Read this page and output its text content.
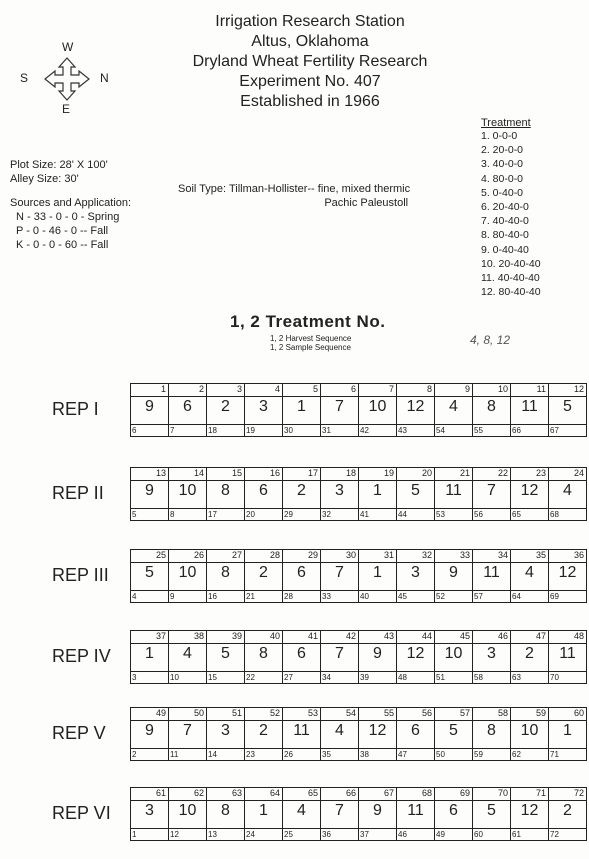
Irrigation Research Station
Altus, Oklahoma
Dryland Wheat Fertility Research
Experiment No. 407
Established in 1966
W
S	N
E
Plot Size: 28' X 100'
Alley Size: 30'
Sources and Application:
N - 33 - 0 - 0 - Spring
P - 0 - 46 - 0 -- Fall
K - 0 - 0 - 60 -- Fall
Soil Type: Tillman-Hollister-- fine, mixed thermic
Pachic Paleustoll
Treatment
1. 0-0-0
2. 20-0-0
3. 40-0-0
4. 80-0-0
5. 0-40-0
6. 20-40-0
7. 40-40-0
8. 80-40-0
9. 0-40-40
10. 20-40-40
11. 40-40-40
12. 80-40-40
1, 2 Treatment No.
1, 2 Harvest Sequence
1, 2 Sample Sequence
4, 8, 12
REP I
1
9
6
2
6
7
3
2
18
4
3
19
5
1
30
6
7
31
7
10
42
8
12
43
9
4
54
10
8
55
11
11
66
12
5
67
REP II
13
9
5
14
10
8
15
8
17
16
6
20
17
2
29
18
3
32
19
1
41
20
5
44
21
11
53
22
7
56
23
12
65
24
4
68
REP III
25
5
4
26
10
9
27
8
16
28
2
21
29
6
28
30
7
33
31
1
40
32
3
45
33
9
52
34
11
57
35
4
64
36
12
69
REP IV
37
1
3
38
4
10
39
5
15
40
8
22
41
6
27
42
7
34
43
9
39
44
12
48
45
10
51
46
3
58
47
2
63
48
11
70
REP V
49
9
2
50
7
11
51
3
14
52
2
23
53
11
26
54
4
35
55
12
38
56
6
47
57
5
50
58
8
59
59
10
62
60
1
71
REP VI
61
3
1
62
10
12
63
8
13
64
1
24
65
4
25
66
7
36
67
9
37
68
11
46
69
6
49
70
5
60
71
12
61
72
2
72
